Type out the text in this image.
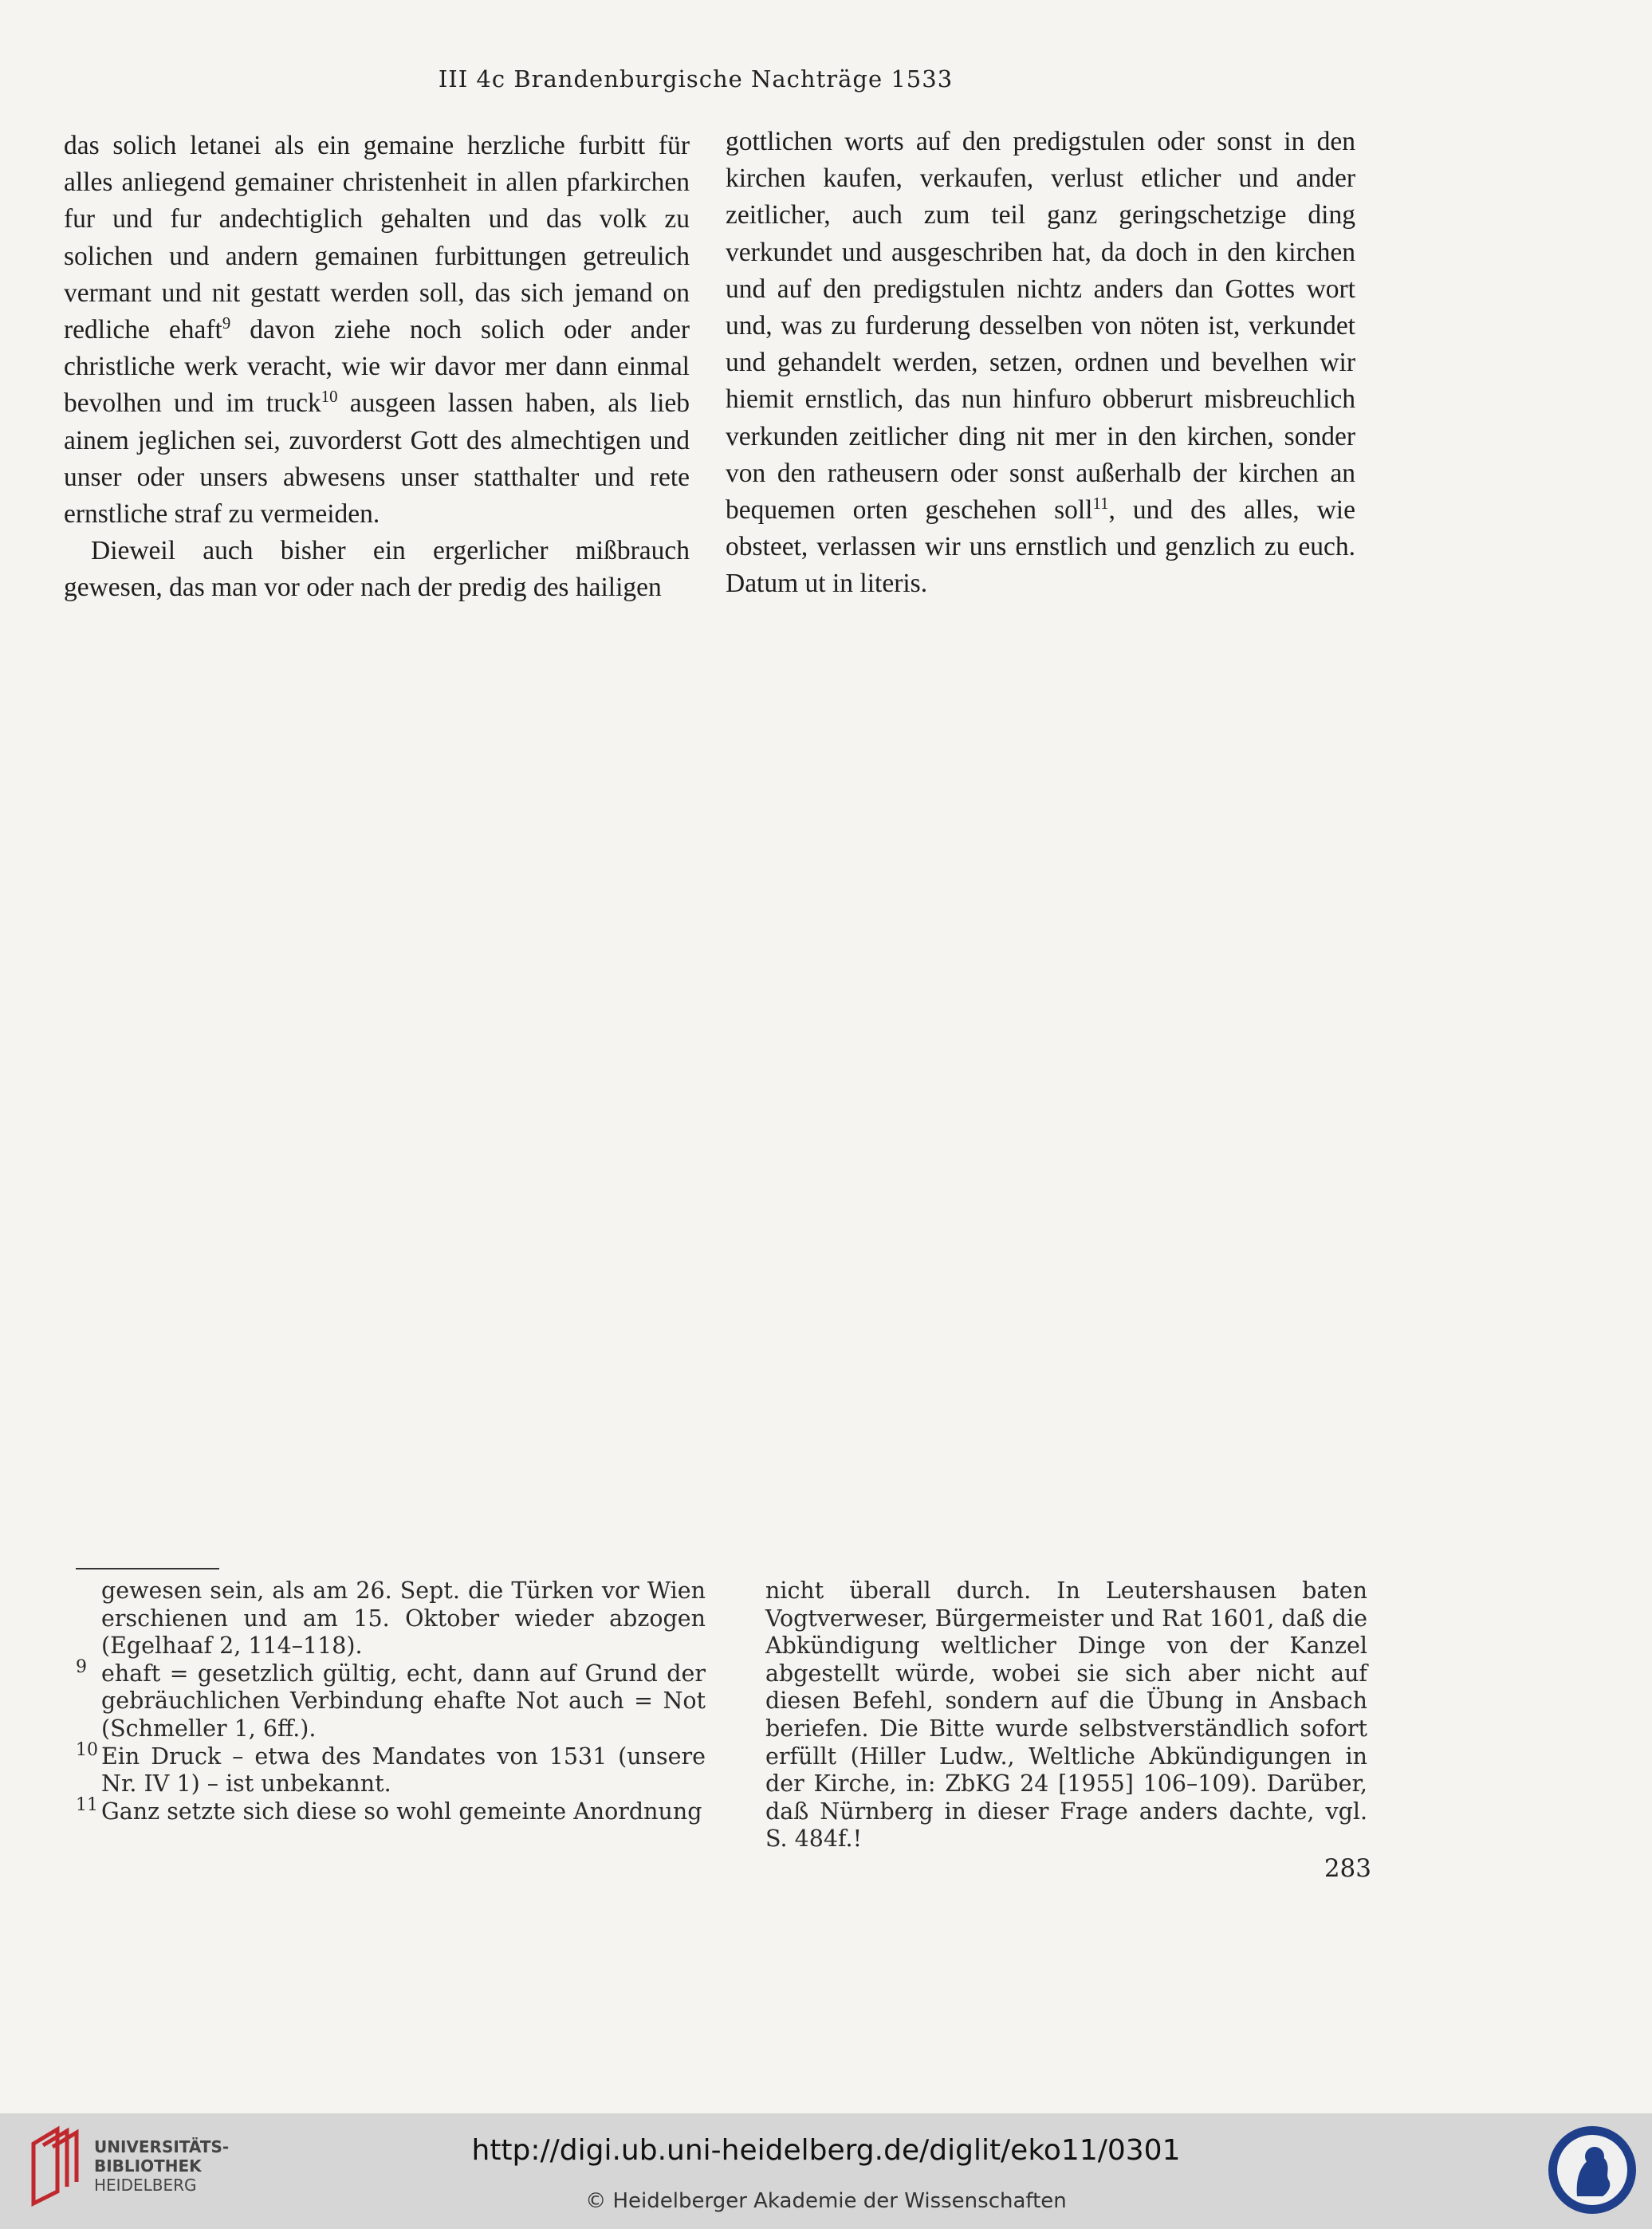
III 4c Brandenburgische Nachträge 1533

das solich letanei als ein gemaine herzliche furbitt für alles anliegend gemainer christenheit in allen pfarkirchen fur und fur andechtiglich gehalten und das volk zu solichen und andern gemainen furbittungen getreulich vermant und nit gestatt werden soll, das sich jemand on redliche ehaft$^9$ davon ziehe noch solich oder ander christliche werk veracht, wie wir davor mer dann einmal bevolhen und im truck$^{10}$ ausgeen lassen haben, als lieb ainem jeglichen sei, zuvorderst Gott des almechtigen und unser oder unsers abwesens unser statthalter und rete ernstliche straf zu vermeiden.

Dieweil auch bisher ein ergerlicher mißbrauch gewesen, das man vor oder nach der predig des hailigen

gottlichen worts auf den predigstulen oder sonst in den kirchen kaufen, verkaufen, verlust etlicher und ander zeitlicher, auch zum teil ganz geringschetzige ding verkundet und ausgeschriben hat, da doch in den kirchen und auf den predigstulen nichtz anders dan Gottes wort und, was zu furderung desselben von nöten ist, verkundet und gehandelt werden, setzen, ordnen und bevelhen wir hiemit ernstlich, das nun hinfuro obberurt misbreuchlich verkunden zeitlicher ding nit mer in den kirchen, sonder von den ratheusern oder sonst außerhalb der kirchen an bequemen orten geschehen soll$^{11}$, und des alles, wie obsteet, verlassen wir uns ernstlich und genzlich zu euch. Datum ut in literis.

gewesen sein, als am 26. Sept. die Türken vor Wien erschienen und am 15. Oktober wieder abzogen (Egelhaaf 2, 114–118).

9 ehaft = gesetzlich gültig, echt, dann auf Grund der gebräuchlichen Verbindung ehafte Not auch = Not (Schmeller 1, 6ff.).

10 Ein Druck – etwa des Mandates von 1531 (unsere Nr. IV 1) – ist unbekannt.

11 Ganz setzte sich diese so wohl gemeinte Anordnung

nicht überall durch. In Leutershausen baten Vogtverweser, Bürgermeister und Rat 1601, daß die Abkündigung weltlicher Dinge von der Kanzel abgestellt würde, wobei sie sich aber nicht auf diesen Befehl, sondern auf die Übung in Ansbach beriefen. Die Bitte wurde selbstverständlich sofort erfüllt (Hiller Ludw., Weltliche Abkündigungen in der Kirche, in: ZbKG 24 [1955] 106–109). Darüber, daß Nürnberg in dieser Frage anders dachte, vgl. S. 484f.!

283
UNIVERSITÄTS-
BIBLIOTHEK
HEIDELBERG
http://digi.ub.uni-heidelberg.de/diglit/eko11/0301
© Heidelberger Akademie der Wissenschaften
